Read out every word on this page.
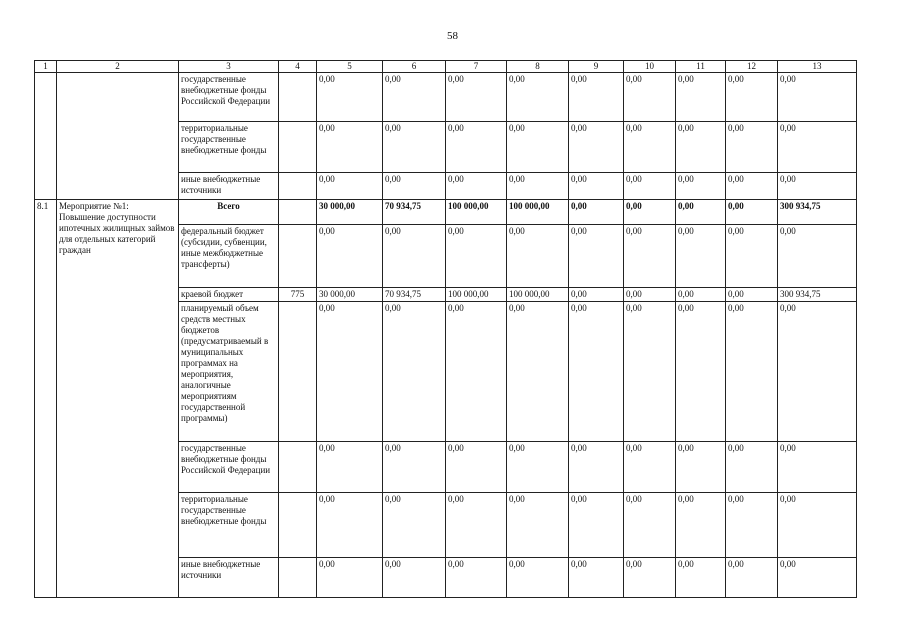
58
1	2	3	4	5	6	7	8	9	10	11	12	13
		государственные внебюджетные фонды Российской Федерации		0,00	0,00	0,00	0,00	0,00	0,00	0,00	0,00	0,00
		территориальные государственные внебюджетные фонды		0,00	0,00	0,00	0,00	0,00	0,00	0,00	0,00	0,00
		иные внебюджетные источники		0,00	0,00	0,00	0,00	0,00	0,00	0,00	0,00	0,00
8.1	Мероприятие №1: Повышение доступности ипотечных жилищных займов для отдельных категорий граждан	Всего		30 000,00	70 934,75	100 000,00	100 000,00	0,00	0,00	0,00	0,00	300 934,75
		федеральный бюджет (субсидии, субвенции, иные межбюджетные трансферты)		0,00	0,00	0,00	0,00	0,00	0,00	0,00	0,00	0,00
		краевой бюджет	775	30 000,00	70 934,75	100 000,00	100 000,00	0,00	0,00	0,00	0,00	300 934,75
		планируемый объем средств местных бюджетов (предусматриваемый в муниципальных программах на мероприятия, аналогичные мероприятиям государственной программы)		0,00	0,00	0,00	0,00	0,00	0,00	0,00	0,00	0,00
		государственные внебюджетные фонды Российской Федерации		0,00	0,00	0,00	0,00	0,00	0,00	0,00	0,00	0,00
		территориальные государственные внебюджетные фонды		0,00	0,00	0,00	0,00	0,00	0,00	0,00	0,00	0,00
		иные внебюджетные источники		0,00	0,00	0,00	0,00	0,00	0,00	0,00	0,00	0,00
